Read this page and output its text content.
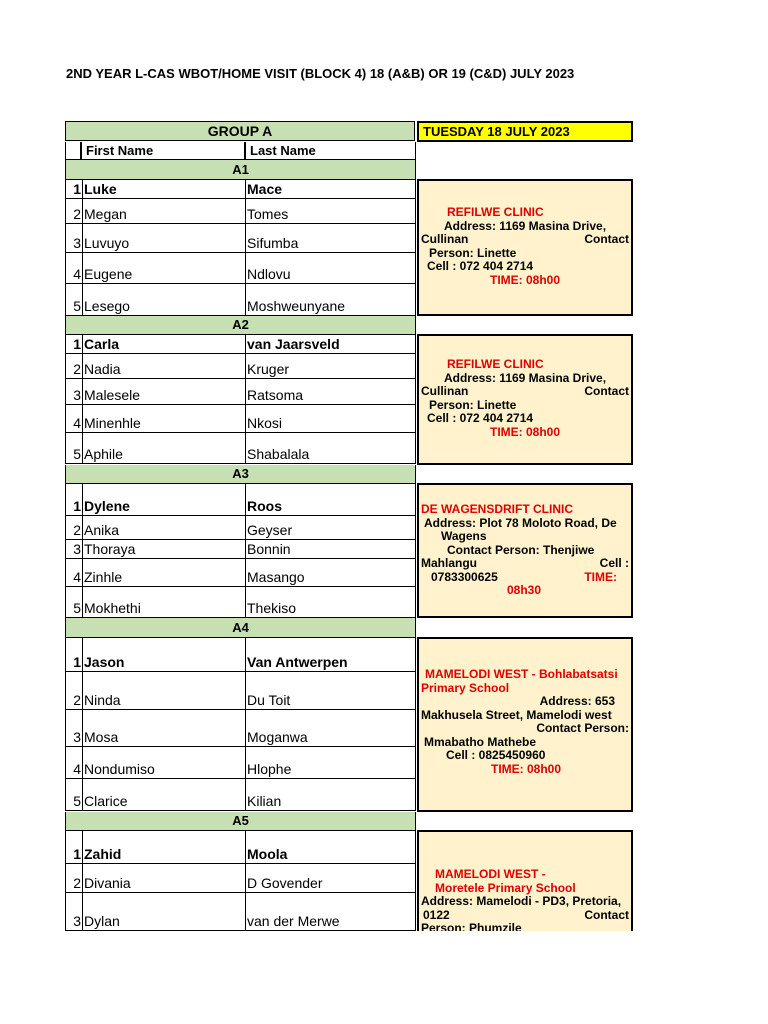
2ND YEAR L-CAS WBOT/HOME VISIT (BLOCK 4) 18 (A&B) OR 19 (C&D) JULY 2023
GROUP A	TUESDAY 18 JULY 2023
First Name	Last Name
A1
1 Luke	Mace
2 Megan	Tomes
3 Luvuyo	Sifumba
4 Eugene	Ndlovu
5 Lesego	Moshweunyane
REFILWE CLINIC
Address: 1169 Masina Drive,
Cullinan	Contact
Person: Linette
Cell : 072 404 2714
TIME: 08h00
A2
1 Carla	van Jaarsveld
2 Nadia	Kruger
3 Malesele	Ratsoma
4 Minenhle	Nkosi
5 Aphile	Shabalala
REFILWE CLINIC
Address: 1169 Masina Drive,
Cullinan	Contact
Person: Linette
Cell : 072 404 2714
TIME: 08h00
A3
1 Dylene	Roos
2 Anika	Geyser
3 Thoraya	Bonnin
4 Zinhle	Masango
5 Mokhethi	Thekiso
DE WAGENSDRIFT CLINIC
Address: Plot 78 Moloto Road, De
Wagens
Contact Person: Thenjiwe
Mahlangu	Cell :
0783300625	TIME:
08h30
A4
1 Jason	Van Antwerpen
2 Ninda	Du Toit
3 Mosa	Moganwa
4 Nondumiso	Hlophe
5 Clarice	Kilian
MAMELODI WEST - Bohlabatsatsi
Primary School
Address: 653
Makhusela Street, Mamelodi west
Contact Person:
Mmabatho Mathebe
Cell : 0825450960
TIME: 08h00
A5
1 Zahid	Moola
2 Divania	D Govender
3 Dylan	van der Merwe
MAMELODI WEST -
Moretele Primary School
Address: Mamelodi - PD3, Pretoria,
0122	Contact
Person: Phumzile
